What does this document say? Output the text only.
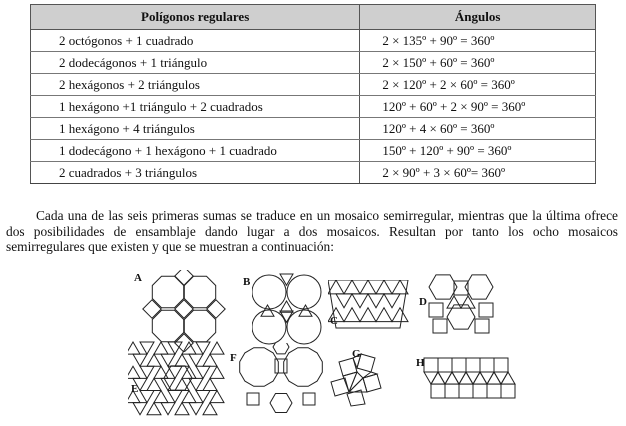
Polígonos regulares	Ángulos
2 octógonos + 1 cuadrado	2 × 135º + 90º = 360º
2 dodecágonos + 1 triángulo	2 × 150º + 60º = 360º
2 hexágonos + 2 triángulos	2 × 120º + 2 × 60º = 360º
1 hexágono +1 triángulo + 2 cuadrados	120º + 60º + 2 × 90º = 360º
1 hexágono + 4 triángulos	120º + 4 × 60º = 360º
1 dodecágono + 1 hexágono + 1 cuadrado	150º + 120º + 90º = 360º
2 cuadrados + 3 triángulos	2 × 90º + 3 × 60º= 360º

Cada una de las seis primeras sumas se traduce en un mosaico semirregular, mientras que la última ofrece dos posibilidades de ensamblaje dando lugar a dos mosaicos. Resultan por tanto los ocho mosaicos semirregulares que existen y que se muestran a continuación:

A	B
C
D
E
F	G
H
